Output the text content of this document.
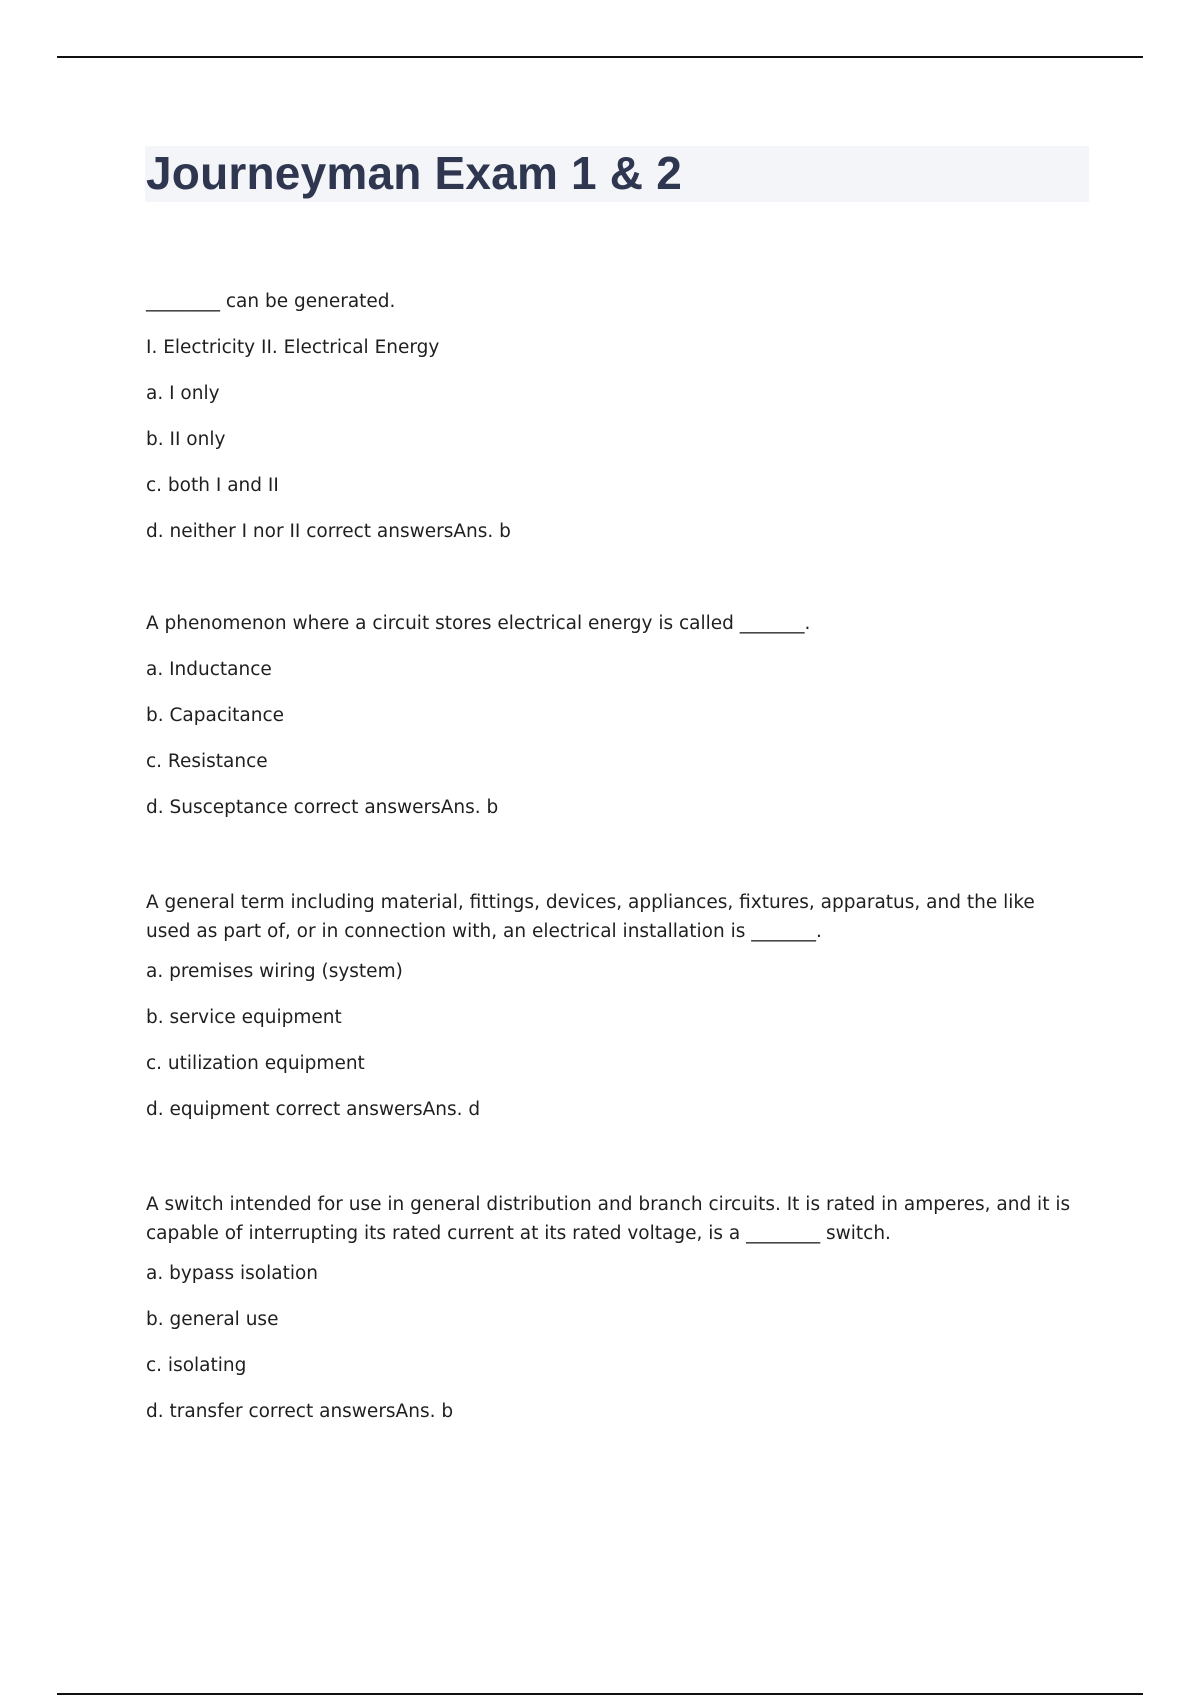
Journeyman Exam 1 & 2

________ can be generated.

I. Electricity II. Electrical Energy

a. I only

b. II only

c. both I and II

d. neither I nor II correct answersAns. b

A phenomenon where a circuit stores electrical energy is called _______.

a. Inductance

b. Capacitance

c. Resistance

d. Susceptance correct answersAns. b

A general term including material, fittings, devices, appliances, fixtures, apparatus, and the like used as part of, or in connection with, an electrical installation is _______.

a. premises wiring (system)

b. service equipment

c. utilization equipment

d. equipment correct answersAns. d

A switch intended for use in general distribution and branch circuits. It is rated in amperes, and it is capable of interrupting its rated current at its rated voltage, is a ________ switch.

a. bypass isolation

b. general use

c. isolating

d. transfer correct answersAns. b
